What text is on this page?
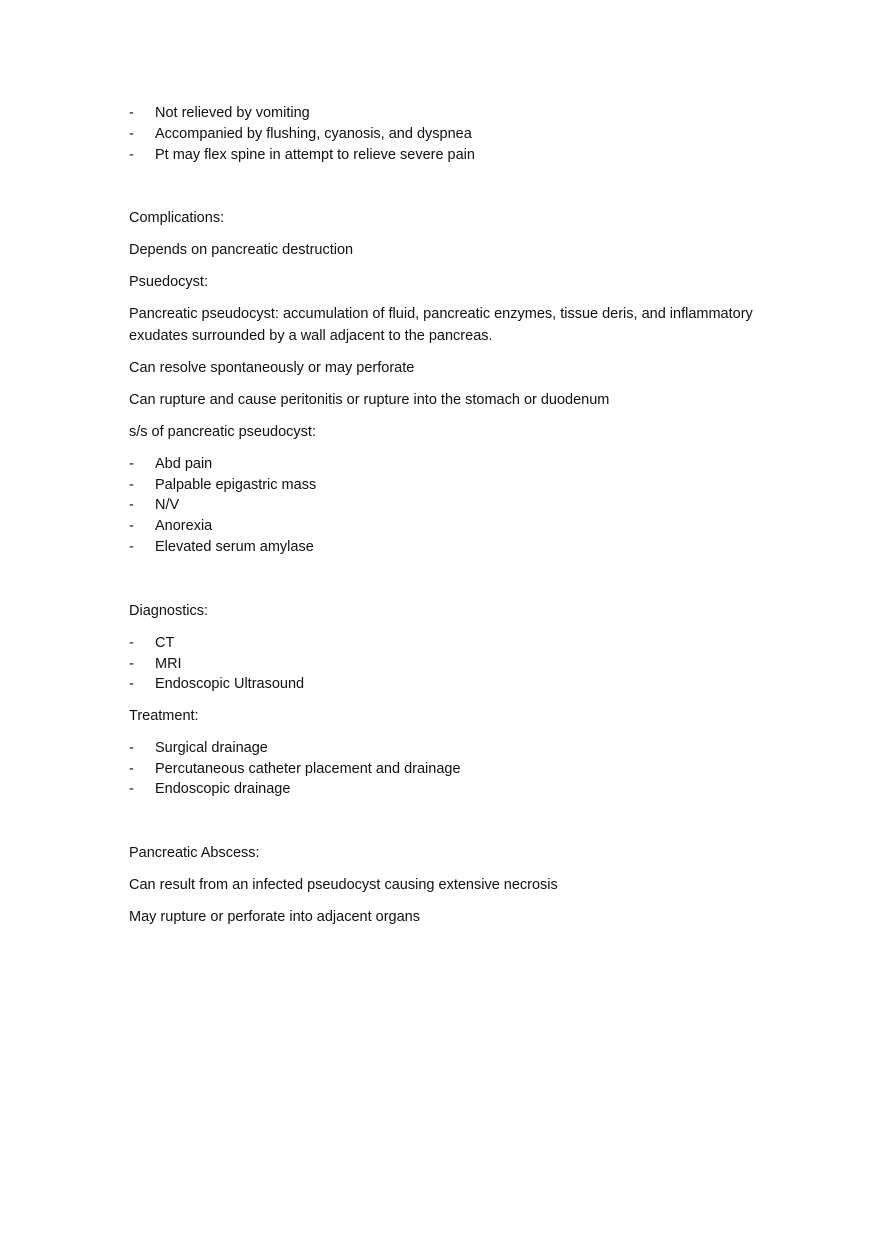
- Not relieved by vomiting
- Accompanied by flushing, cyanosis, and dyspnea
- Pt may flex spine in attempt to relieve severe pain

Complications:

Depends on pancreatic destruction

Psuedocyst:

Pancreatic pseudocyst: accumulation of fluid, pancreatic enzymes, tissue deris, and inflammatory exudates surrounded by a wall adjacent to the pancreas.

Can resolve spontaneously or may perforate

Can rupture and cause peritonitis or rupture into the stomach or duodenum

s/s of pancreatic pseudocyst:

- Abd pain
- Palpable epigastric mass
- N/V
- Anorexia
- Elevated serum amylase

Diagnostics:

- CT
- MRI
- Endoscopic Ultrasound

Treatment:

- Surgical drainage
- Percutaneous catheter placement and drainage
- Endoscopic drainage

Pancreatic Abscess:

Can result from an infected pseudocyst causing extensive necrosis

May rupture or perforate into adjacent organs
